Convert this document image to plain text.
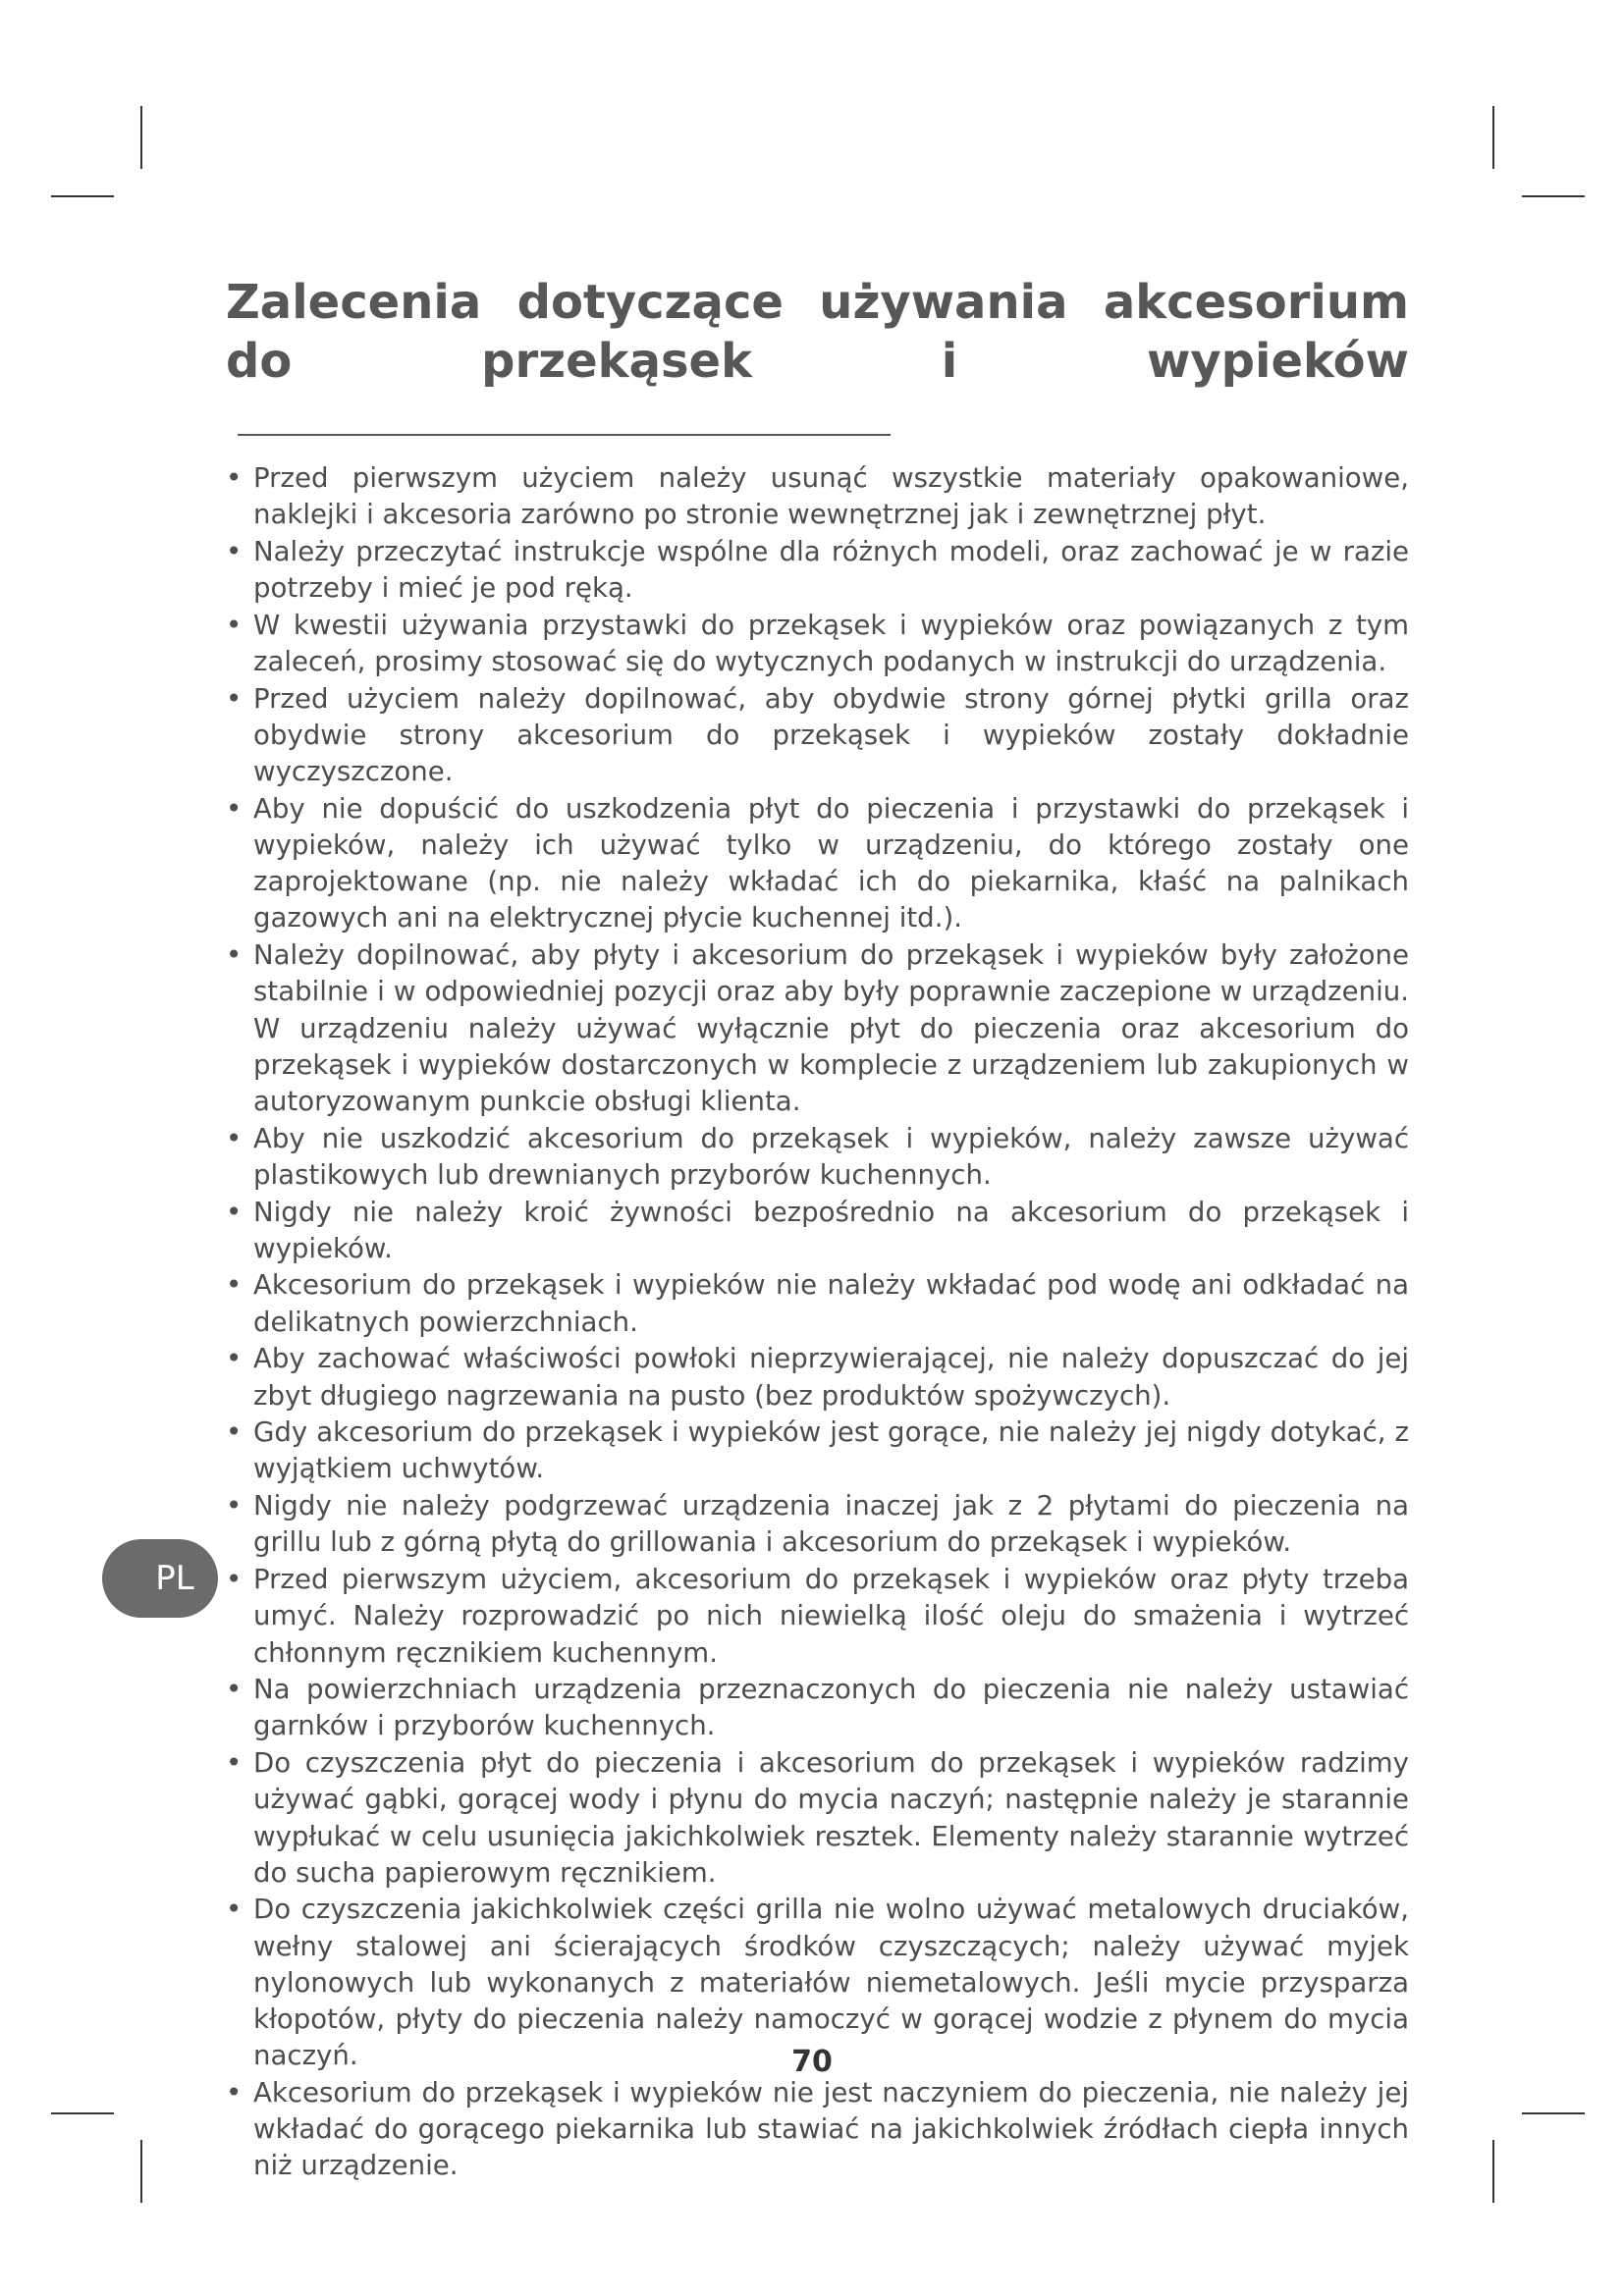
Zalecenia dotyczące używania akcesorium do przekąsek i wypieków
• Przed pierwszym użyciem należy usunąć wszystkie materiały opakowaniowe, naklejki i akcesoria zarówno po stronie wewnętrznej jak i zewnętrznej płyt.
• Należy przeczytać instrukcje wspólne dla różnych modeli, oraz zachować je w razie potrzeby i mieć je pod ręką.
• W kwestii używania przystawki do przekąsek i wypieków oraz powiązanych z tym zaleceń, prosimy stosować się do wytycznych podanych w instrukcji do urządzenia.
• Przed użyciem należy dopilnować, aby obydwie strony górnej płytki grilla oraz obydwie strony akcesorium do przekąsek i wypieków zostały dokładnie wyczyszczone.
• Aby nie dopuścić do uszkodzenia płyt do pieczenia i przystawki do przekąsek i wypieków, należy ich używać tylko w urządzeniu, do którego zostały one zaprojektowane (np. nie należy wkładać ich do piekarnika, kłaść na palnikach gazowych ani na elektrycznej płycie kuchennej itd.).
• Należy dopilnować, aby płyty i akcesorium do przekąsek i wypieków były założone stabilnie i w odpowiedniej pozycji oraz aby były poprawnie zaczepione w urządzeniu. W urządzeniu należy używać wyłącznie płyt do pieczenia oraz akcesorium do przekąsek i wypieków dostarczonych w komplecie z urządzeniem lub zakupionych w autoryzowanym punkcie obsługi klienta.
• Aby nie uszkodzić akcesorium do przekąsek i wypieków, należy zawsze używać plastikowych lub drewnianych przyborów kuchennych.
• Nigdy nie należy kroić żywności bezpośrednio na akcesorium do przekąsek i wypieków.
• Akcesorium do przekąsek i wypieków nie należy wkładać pod wodę ani odkładać na delikatnych powierzchniach.
• Aby zachować właściwości powłoki nieprzywierającej, nie należy dopuszczać do jej zbyt długiego nagrzewania na pusto (bez produktów spożywczych).
• Gdy akcesorium do przekąsek i wypieków jest gorące, nie należy jej nigdy dotykać, z wyjątkiem uchwytów.
• Nigdy nie należy podgrzewać urządzenia inaczej jak z 2 płytami do pieczenia na grillu lub z górną płytą do grillowania i akcesorium do przekąsek i wypieków.
• Przed pierwszym użyciem, akcesorium do przekąsek i wypieków oraz płyty trzeba umyć. Należy rozprowadzić po nich niewielką ilość oleju do smażenia i wytrzeć chłonnym ręcznikiem kuchennym.
• Na powierzchniach urządzenia przeznaczonych do pieczenia nie należy ustawiać garnków i przyborów kuchennych.
• Do czyszczenia płyt do pieczenia i akcesorium do przekąsek i wypieków radzimy używać gąbki, gorącej wody i płynu do mycia naczyń; następnie należy je starannie wypłukać w celu usunięcia jakichkolwiek resztek. Elementy należy starannie wytrzeć do sucha papierowym ręcznikiem.
• Do czyszczenia jakichkolwiek części grilla nie wolno używać metalowych druciaków, wełny stalowej ani ścierających środków czyszczących; należy używać myjek nylonowych lub wykonanych z materiałów niemetalowych. Jeśli mycie przysparza kłopotów, płyty do pieczenia należy namoczyć w gorącej wodzie z płynem do mycia naczyń.
• Akcesorium do przekąsek i wypieków nie jest naczyniem do pieczenia, nie należy jej wkładać do gorącego piekarnika lub stawiać na jakichkolwiek źródłach ciepła innych niż urządzenie.
PL
70
